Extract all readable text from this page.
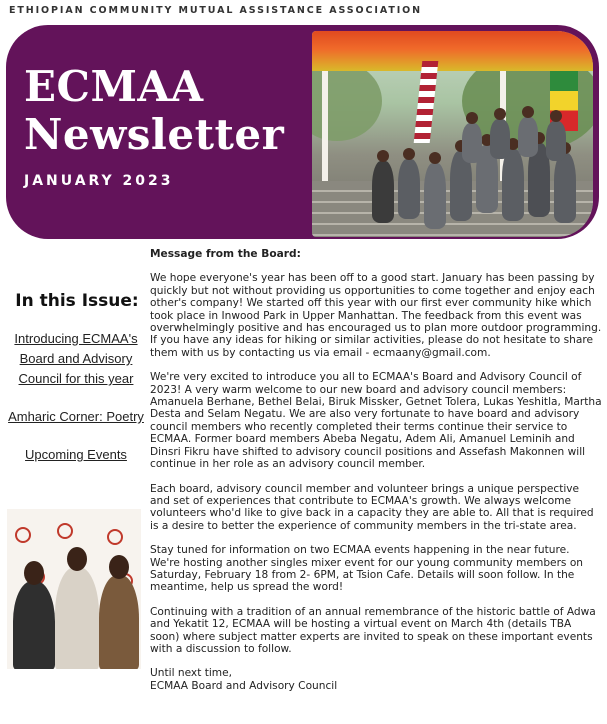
ETHIOPIAN COMMUNITY MUTUAL ASSISTANCE ASSOCIATION
ECMAA
Newsletter
JANUARY 2023
In this Issue:
Introducing ECMAA's Board and Advisory Council for this year
Amharic Corner: Poetry
Upcoming Events
Message from the Board:

We hope everyone's year has been off to a good start. January has been passing by quickly but not without providing us opportunities to come together and enjoy each other's company! We started off this year with our first ever community hike which took place in Inwood Park in Upper Manhattan. The feedback from this event was overwhelmingly positive and has encouraged us to plan more outdoor programming. If you have any ideas for hiking or similar activities, please do not hesitate to share them with us by contacting us via email - ecmaany@gmail.com.

We're very excited to introduce you all to ECMAA's Board and Advisory Council of 2023! A very warm welcome to our new board and advisory council members: Amanuela Berhane, Bethel Belai, Biruk Missker, Getnet Tolera, Lukas Yeshitla, Martha Desta and Selam Negatu. We are also very fortunate to have board and advisory council members who recently completed their terms continue their service to ECMAA. Former board members Abeba Negatu, Adem Ali, Amanuel Leminih and Dinsri Fikru have shifted to advisory council positions and Assefash Makonnen will continue in her role as an advisory council member.

Each board, advisory council member and volunteer brings a unique perspective and set of experiences that contribute to ECMAA's growth. We always welcome volunteers who'd like to give back in a capacity they are able to. All that is required is a desire to better the experience of community members in the tri-state area.

Stay tuned for information on two ECMAA events happening in the near future. We're hosting another singles mixer event for our young community members on Saturday, February 18 from 2- 6PM, at Tsion Cafe. Details will soon follow. In the meantime, help us spread the word!

Continuing with a tradition of an annual remembrance of the historic battle of Adwa and Yekatit 12, ECMAA will be hosting a virtual event on March 4th (details TBA soon) where subject matter experts are invited to speak on these important events with a discussion to follow.

Until next time,
ECMAA Board and Advisory Council
